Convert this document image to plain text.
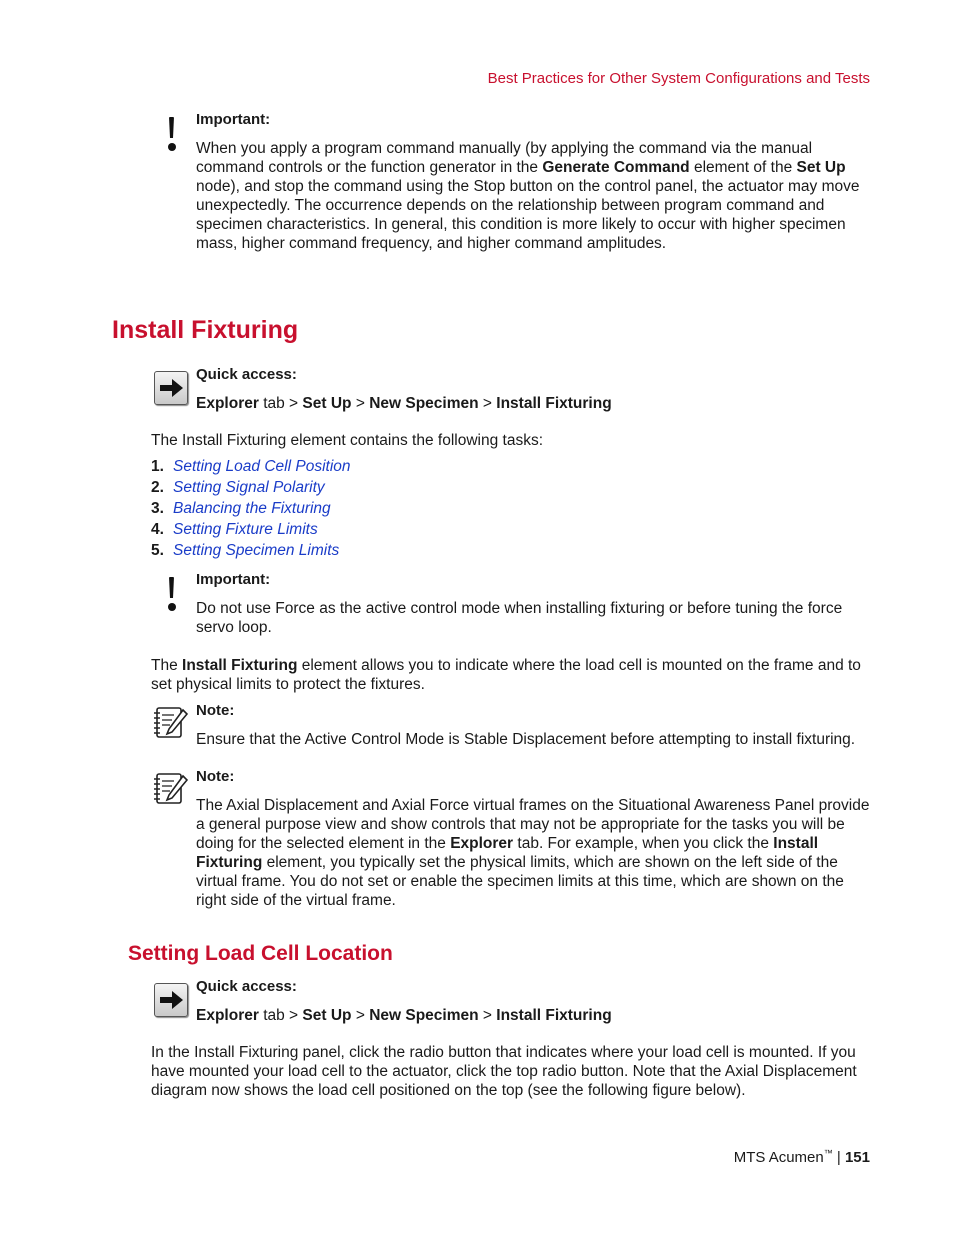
Best Practices for Other System Configurations and Tests
Important:

When you apply a program command manually (by applying the command via the manual command controls or the function generator in the Generate Command element of the Set Up node), and stop the command using the Stop button on the control panel, the actuator may move unexpectedly. The occurrence depends on the relationship between program command and specimen characteristics. In general, this condition is more likely to occur with higher specimen mass, higher command frequency, and higher command amplitudes.

Install Fixturing
Quick access:
Explorer tab > Set Up > New Specimen > Install Fixturing
The Install Fixturing element contains the following tasks:
1. Setting Load Cell Position
2. Setting Signal Polarity
3. Balancing the Fixturing
4. Setting Fixture Limits
5. Setting Specimen Limits
Important:

Do not use Force as the active control mode when installing fixturing or before tuning the force servo loop.

The Install Fixturing element allows you to indicate where the load cell is mounted on the frame and to set physical limits to protect the fixtures.

Note:

Ensure that the Active Control Mode is Stable Displacement before attempting to install fixturing.

Note:

The Axial Displacement and Axial Force virtual frames on the Situational Awareness Panel provide a general purpose view and show controls that may not be appropriate for the tasks you will be doing for the selected element in the Explorer tab. For example, when you click the Install Fixturing element, you typically set the physical limits, which are shown on the left side of the virtual frame. You do not set or enable the specimen limits at this time, which are shown on the right side of the virtual frame.

Setting Load Cell Location
Quick access:
Explorer tab > Set Up > New Specimen > Install Fixturing

In the Install Fixturing panel, click the radio button that indicates where your load cell is mounted. If you have mounted your load cell to the actuator, click the top radio button. Note that the Axial Displacement diagram now shows the load cell positioned on the top (see the following figure below).

MTS Acumen™ | 151
